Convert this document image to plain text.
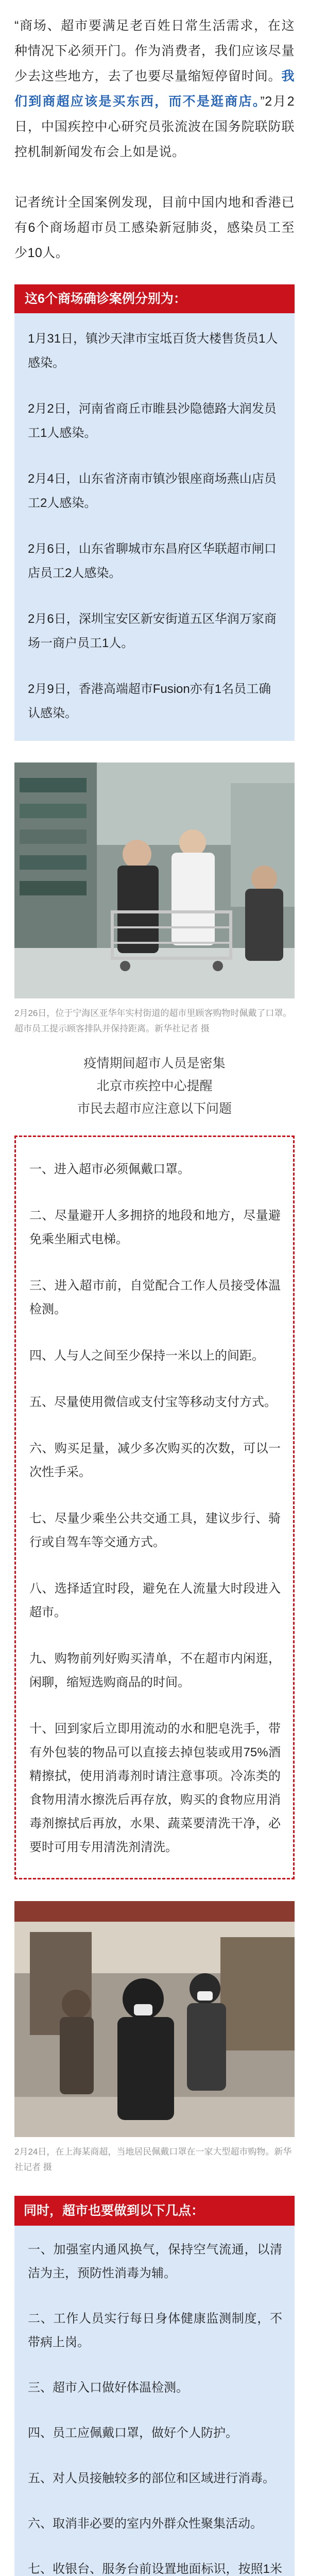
“商场、超市要满足老百姓日常生活需求，在这种情况下必须开门。作为消费者，我们应该尽量少去这些地方，去了也要尽量缩短停留时间。我们到商超应该是买东西，而不是逛商店。”2月2日，中国疾控中心研究员张流波在国务院联防联控机制新闻发布会上如是说。

记者统计全国案例发现，目前中国内地和香港已有6个商场超市员工感染新冠肺炎，感染员工至少10人。

这6个商场确诊案例分别为：

1月31日，镇沙天津市宝坻百货大楼售货员1人感染。

2月2日，河南省商丘市睢县沙隐德路大润发员工1人感染。

2月4日，山东省济南市镇沙银座商场燕山店员工2人感染。

2月6日，山东省聊城市东昌府区华联超市闸口店员工2人感染。

2月6日，深圳宝安区新安街道五区华润万家商场一商户员工1人。

2月9日，香港高端超市Fusion亦有1名员工确认感染。

2月26日，位于宁海区亚华年实村街道的超市里顾客购物时佩戴了口罩。超市员工提示顾客排队并保持距离。新华社记者 摄
疫情期间超市人员是密集
北京市疾控中心提醒
市民去超市应注意以下问题

一、进入超市必须佩戴口罩。

二、尽量避开人多拥挤的地段和地方，尽量避免乘坐厢式电梯。

三、进入超市前，自觉配合工作人员接受体温检测。

四、人与人之间至少保持一米以上的间距。

五、尽量使用微信或支付宝等移动支付方式。

六、购买足量，减少多次购买的次数，可以一次性手采。

七、尽量少乘坐公共交通工具，建议步行、骑行或自驾车等交通方式。

八、选择适宜时段，避免在人流量大时段进入超市。

九、购物前列好购买清单，不在超市内闲逛，闲聊，缩短选购商品的时间。

十、回到家后立即用流动的水和肥皂洗手，带有外包装的物品可以直接去掉包装或用75%酒精擦拭，使用消毒剂时请注意事项。冷冻类的食物用清水擦洗后再存放，购买的食物应用消毒剂擦拭后再放，水果、蔬菜要清洗干净，必要时可用专用清洗剂清洗。

2月24日，在上海某商超，当地居民佩戴口罩在一家大型超市购物。新华社记者 摄
同时，超市也要做到以下几点：

一、加强室内通风换气，保持空气流通，以清洁为主，预防性消毒为辅。

二、工作人员实行每日身体健康监测制度，不带病上岗。

三、超市入口做好体温检测。

四、员工应佩戴口罩，做好个人防护。

五、对人员接触较多的部位和区域进行消毒。

六、取消非必要的室内外群众性聚集活动。

七、收银台、服务台前设置地面标识，按照1米
